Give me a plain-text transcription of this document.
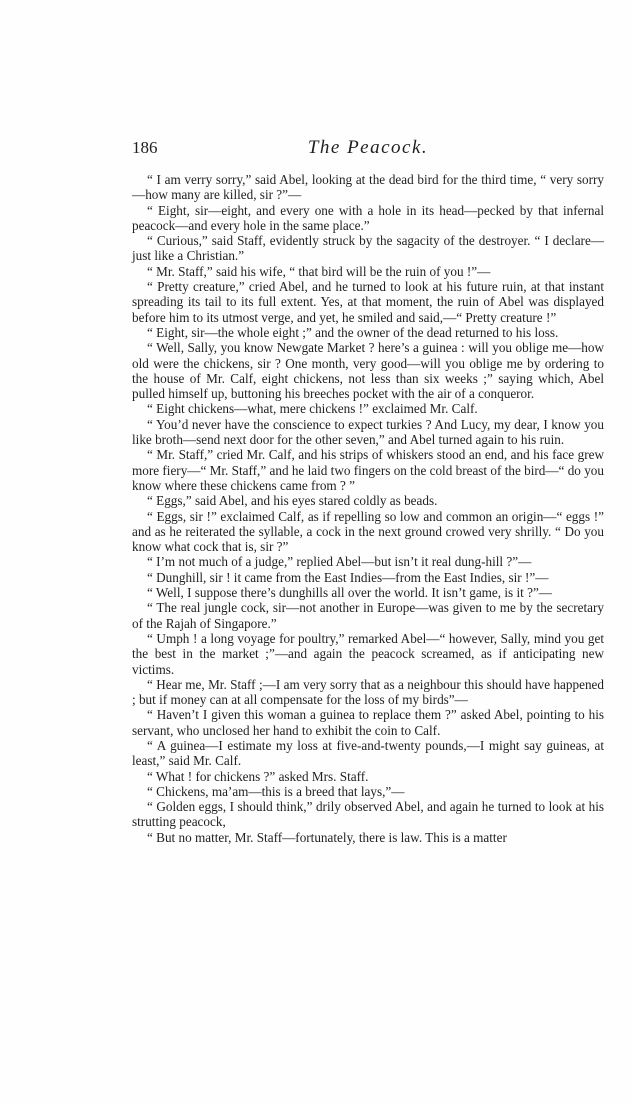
186	The Peacock.

“ I am verry sorry,” said Abel, looking at the dead bird for the third time, “ very sorry—how many are killed, sir ?”—

“ Eight, sir—eight, and every one with a hole in its head—pecked by that infernal peacock—and every hole in the same place.”

“ Curious,” said Staff, evidently struck by the sagacity of the destroyer. “ I declare—just like a Christian.”

“ Mr. Staff,” said his wife, “ that bird will be the ruin of you !”—

“ Pretty creature,” cried Abel, and he turned to look at his future ruin, at that instant spreading its tail to its full extent. Yes, at that moment, the ruin of Abel was displayed before him to its utmost verge, and yet, he smiled and said,—“ Pretty creature !”

“ Eight, sir—the whole eight ;” and the owner of the dead returned to his loss.

“ Well, Sally, you know Newgate Market ? here’s a guinea : will you oblige me—how old were the chickens, sir ? One month, very good—will you oblige me by ordering to the house of Mr. Calf, eight chickens, not less than six weeks ;” saying which, Abel pulled himself up, buttoning his breeches pocket with the air of a conqueror.

“ Eight chickens—what, mere chickens !” exclaimed Mr. Calf.

“ You’d never have the conscience to expect turkies ? And Lucy, my dear, I know you like broth—send next door for the other seven,” and Abel turned again to his ruin.

“ Mr. Staff,” cried Mr. Calf, and his strips of whiskers stood an end, and his face grew more fiery—“ Mr. Staff,” and he laid two fingers on the cold breast of the bird—“ do you know where these chickens came from ? ”

“ Eggs,” said Abel, and his eyes stared coldly as beads.

“ Eggs, sir !” exclaimed Calf, as if repelling so low and common an origin—“ eggs !” and as he reiterated the syllable, a cock in the next ground crowed very shrilly. “ Do you know what cock that is, sir ?”

“ I’m not much of a judge,” replied Abel—but isn’t it real dung-hill ?”—

“ Dunghill, sir ! it came from the East Indies—from the East Indies, sir !”—

“ Well, I suppose there’s dunghills all over the world. It isn’t game, is it ?”—

“ The real jungle cock, sir—not another in Europe—was given to me by the secretary of the Rajah of Singapore.”

“ Umph ! a long voyage for poultry,” remarked Abel—“ however, Sally, mind you get the best in the market ;”—and again the peacock screamed, as if anticipating new victims.

“ Hear me, Mr. Staff ;—I am very sorry that as a neighbour this should have happened ; but if money can at all compensate for the loss of my birds”—

“ Haven’t I given this woman a guinea to replace them ?” asked Abel, pointing to his servant, who unclosed her hand to exhibit the coin to Calf.

“ A guinea—I estimate my loss at five-and-twenty pounds,—I might say guineas, at least,” said Mr. Calf.

“ What ! for chickens ?” asked Mrs. Staff.

“ Chickens, ma’am—this is a breed that lays,”—

“ Golden eggs, I should think,” drily observed Abel, and again he turned to look at his strutting peacock,

“ But no matter, Mr. Staff—fortunately, there is law. This is a matter
